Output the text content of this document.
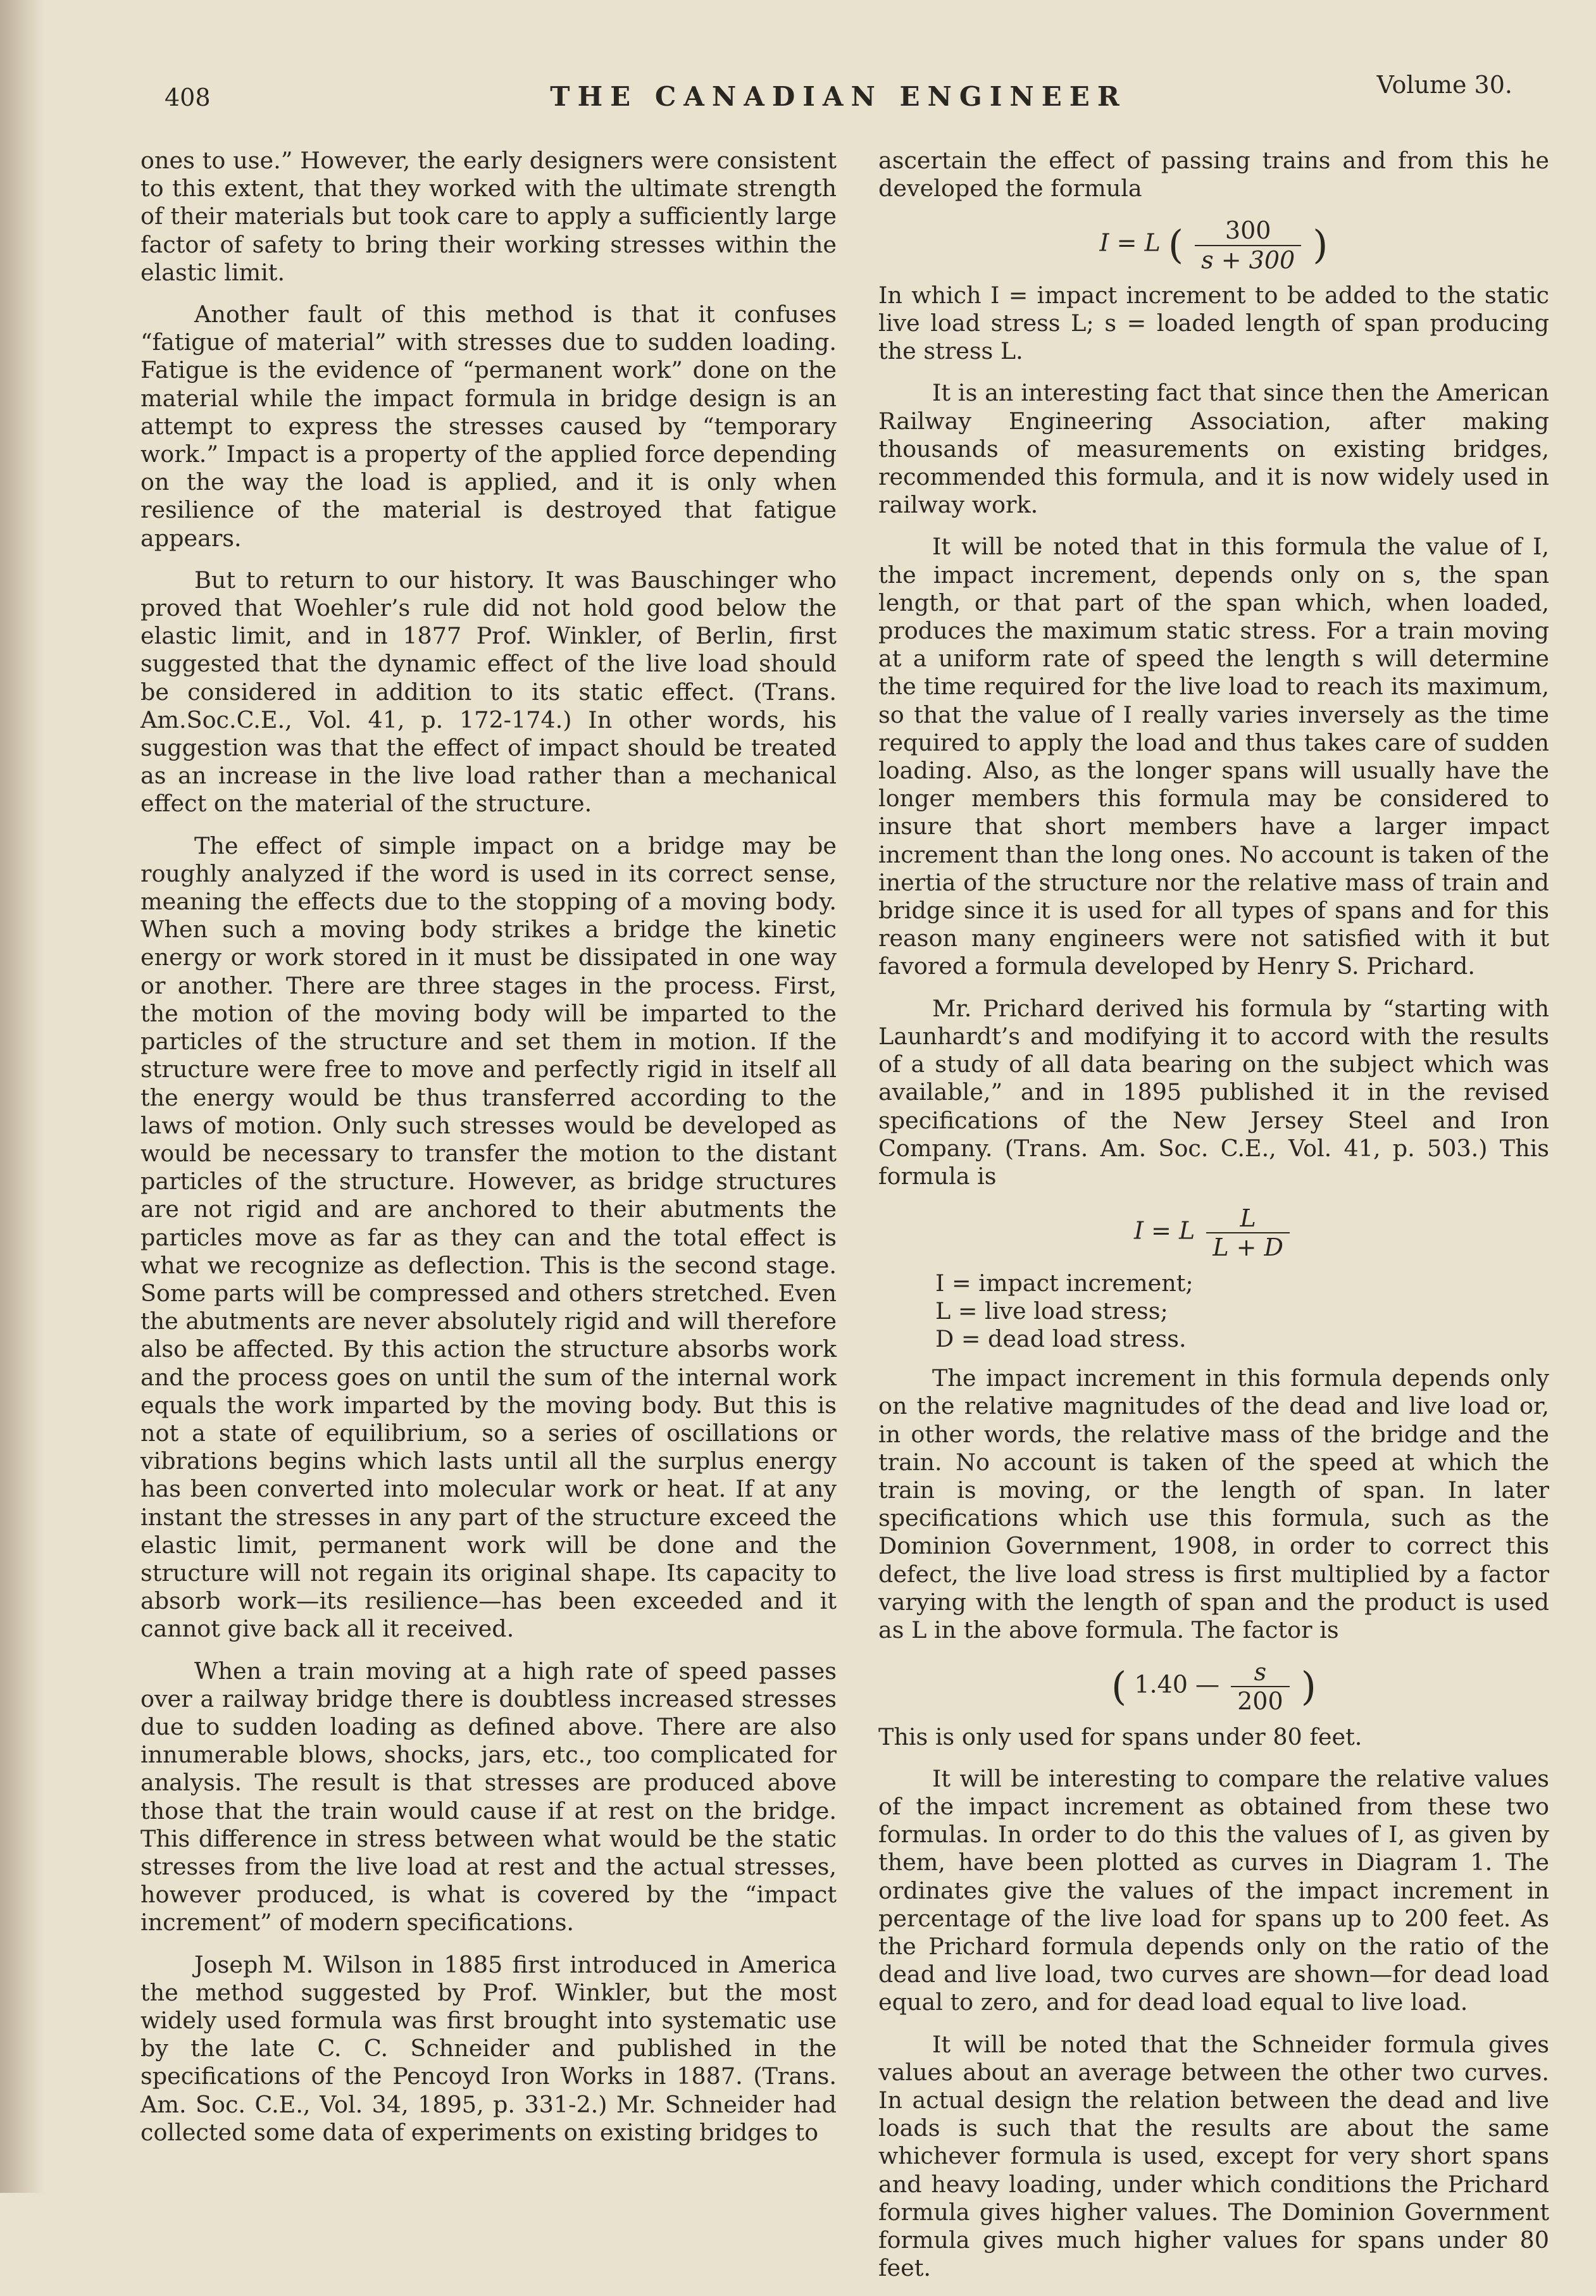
408	THE CANADIAN ENGINEER	Volume 30.

ones to use.” However, the early designers were consistent to this extent, that they worked with the ultimate strength of their materials but took care to apply a sufficiently large factor of safety to bring their working stresses within the elastic limit.

Another fault of this method is that it confuses “fatigue of material” with stresses due to sudden loading. Fatigue is the evidence of “permanent work” done on the material while the impact formula in bridge design is an attempt to express the stresses caused by “temporary work.” Impact is a property of the applied force depending on the way the load is applied, and it is only when resilience of the material is destroyed that fatigue appears.

But to return to our history. It was Bauschinger who proved that Woehler’s rule did not hold good below the elastic limit, and in 1877 Prof. Winkler, of Berlin, first suggested that the dynamic effect of the live load should be considered in addition to its static effect. (Trans. Am.Soc.C.E., Vol. 41, p. 172-174.) In other words, his suggestion was that the effect of impact should be treated as an increase in the live load rather than a mechanical effect on the material of the structure.

The effect of simple impact on a bridge may be roughly analyzed if the word is used in its correct sense, meaning the effects due to the stopping of a moving body. When such a moving body strikes a bridge the kinetic energy or work stored in it must be dissipated in one way or another. There are three stages in the process. First, the motion of the moving body will be imparted to the particles of the structure and set them in motion. If the structure were free to move and perfectly rigid in itself all the energy would be thus transferred according to the laws of motion. Only such stresses would be developed as would be necessary to transfer the motion to the distant particles of the structure. However, as bridge structures are not rigid and are anchored to their abutments the particles move as far as they can and the total effect is what we recognize as deflection. This is the second stage. Some parts will be compressed and others stretched. Even the abutments are never absolutely rigid and will therefore also be affected. By this action the structure absorbs work and the process goes on until the sum of the internal work equals the work imparted by the moving body. But this is not a state of equilibrium, so a series of oscillations or vibrations begins which lasts until all the surplus energy has been converted into molecular work or heat. If at any instant the stresses in any part of the structure exceed the elastic limit, permanent work will be done and the structure will not regain its original shape. Its capacity to absorb work—its resilience—has been exceeded and it cannot give back all it received.

When a train moving at a high rate of speed passes over a railway bridge there is doubtless increased stresses due to sudden loading as defined above. There are also innumerable blows, shocks, jars, etc., too complicated for analysis. The result is that stresses are produced above those that the train would cause if at rest on the bridge. This difference in stress between what would be the static stresses from the live load at rest and the actual stresses, however produced, is what is covered by the “impact increment” of modern specifications.

Joseph M. Wilson in 1885 first introduced in America the method suggested by Prof. Winkler, but the most widely used formula was first brought into systematic use by the late C. C. Schneider and published in the specifications of the Pencoyd Iron Works in 1887. (Trans. Am. Soc. C.E., Vol. 34, 1895, p. 331-2.) Mr. Schneider had collected some data of experiments on existing bridges to

ascertain the effect of passing trains and from this he developed the formula

I = L ( $\frac{300}{s + 300}$ )

In which I = impact increment to be added to the static live load stress L; s = loaded length of span producing the stress L.

It is an interesting fact that since then the American Railway Engineering Association, after making thousands of measurements on existing bridges, recommended this formula, and it is now widely used in railway work.

It will be noted that in this formula the value of I, the impact increment, depends only on s, the span length, or that part of the span which, when loaded, produces the maximum static stress. For a train moving at a uniform rate of speed the length s will determine the time required for the live load to reach its maximum, so that the value of I really varies inversely as the time required to apply the load and thus takes care of sudden loading. Also, as the longer spans will usually have the longer members this formula may be considered to insure that short members have a larger impact increment than the long ones. No account is taken of the inertia of the structure nor the relative mass of train and bridge since it is used for all types of spans and for this reason many engineers were not satisfied with it but favored a formula developed by Henry S. Prichard.

Mr. Prichard derived his formula by “starting with Launhardt’s and modifying it to accord with the results of a study of all data bearing on the subject which was available,” and in 1895 published it in the revised specifications of the New Jersey Steel and Iron Company. (Trans. Am. Soc. C.E., Vol. 41, p. 503.) This formula is

I = L $\frac{L}{L + D}$
I = impact increment;
L = live load stress;
D = dead load stress.

The impact increment in this formula depends only on the relative magnitudes of the dead and live load or, in other words, the relative mass of the bridge and the train. No account is taken of the speed at which the train is moving, or the length of span. In later specifications which use this formula, such as the Dominion Government, 1908, in order to correct this defect, the live load stress is first multiplied by a factor varying with the length of span and the product is used as L in the above formula. The factor is

( 1.40 — $\frac{s}{200}$ )

This is only used for spans under 80 feet.

It will be interesting to compare the relative values of the impact increment as obtained from these two formulas. In order to do this the values of I, as given by them, have been plotted as curves in Diagram 1. The ordinates give the values of the impact increment in percentage of the live load for spans up to 200 feet. As the Prichard formula depends only on the ratio of the dead and live load, two curves are shown—for dead load equal to zero, and for dead load equal to live load.

It will be noted that the Schneider formula gives values about an average between the other two curves. In actual design the relation between the dead and live loads is such that the results are about the same whichever formula is used, except for very short spans and heavy loading, under which conditions the Prichard formula gives higher values. The Dominion Government formula gives much higher values for spans under 80 feet.
